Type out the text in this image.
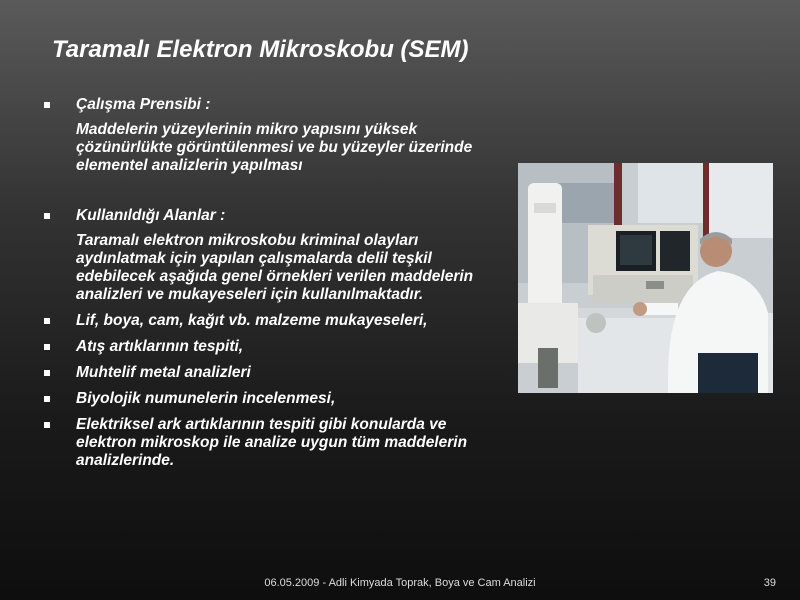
Taramalı Elektron Mikroskobu (SEM)
Çalışma Prensibi :
Maddelerin yüzeylerinin mikro yapısını yüksek çözünürlükte görüntülenmesi ve bu yüzeyler üzerinde elementel analizlerin yapılması
Kullanıldığı Alanlar :
Taramalı elektron mikroskobu kriminal olayları aydınlatmak için yapılan çalışmalarda delil teşkil edebilecek aşağıda genel örnekleri verilen maddelerin analizleri ve mukayeseleri için kullanılmaktadır.
Lif, boya, cam, kağıt vb. malzeme mukayeseleri,
Atış artıklarının tespiti,
Muhtelif metal analizleri
Biyolojik numunelerin incelenmesi,
Elektriksel ark artıklarının tespiti gibi konularda ve elektron mikroskop ile analize uygun tüm maddelerin analizlerinde.
06.05.2009 - Adli Kimyada Toprak, Boya ve Cam Analizi	39
